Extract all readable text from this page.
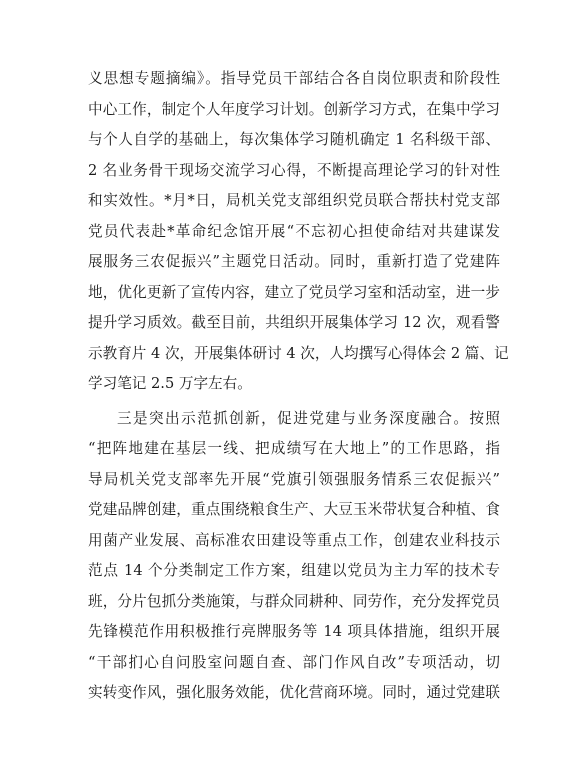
义思想专题摘编》。指导党员干部结合各自岗位职责和阶段性
中心工作，制定个人年度学习计划。创新学习方式，在集中学习
与个人自学的基础上，每次集体学习随机确定 1 名科级干部、
2 名业务骨干现场交流学习心得，不断提高理论学习的针对性
和实效性。*月*日，局机关党支部组织党员联合帮扶村党支部
党员代表赴*革命纪念馆开展“不忘初心担使命结对共建谋发
展服务三农促振兴”主题党日活动。同时，重新打造了党建阵
地，优化更新了宣传内容，建立了党员学习室和活动室，进一步
提升学习质效。截至目前，共组织开展集体学习 12 次，观看警
示教育片 4 次，开展集体研讨 4 次，人均撰写心得体会 2 篇、记
学习笔记 2.5 万字左右。
三是突出示范抓创新，促进党建与业务深度融合。按照
“把阵地建在基层一线、把成绩写在大地上”的工作思路，指
导局机关党支部率先开展“党旗引领强服务情系三农促振兴”
党建品牌创建，重点围绕粮食生产、大豆玉米带状复合种植、食
用菌产业发展、高标准农田建设等重点工作，创建农业科技示
范点 14 个分类制定工作方案，组建以党员为主力军的技术专
班，分片包抓分类施策，与群众同耕种、同劳作，充分发挥党员
先锋模范作用积极推行亮牌服务等 14 项具体措施，组织开展
“干部扪心自问股室问题自查、部门作风自改”专项活动，切
实转变作风，强化服务效能，优化营商环境。同时，通过党建联
